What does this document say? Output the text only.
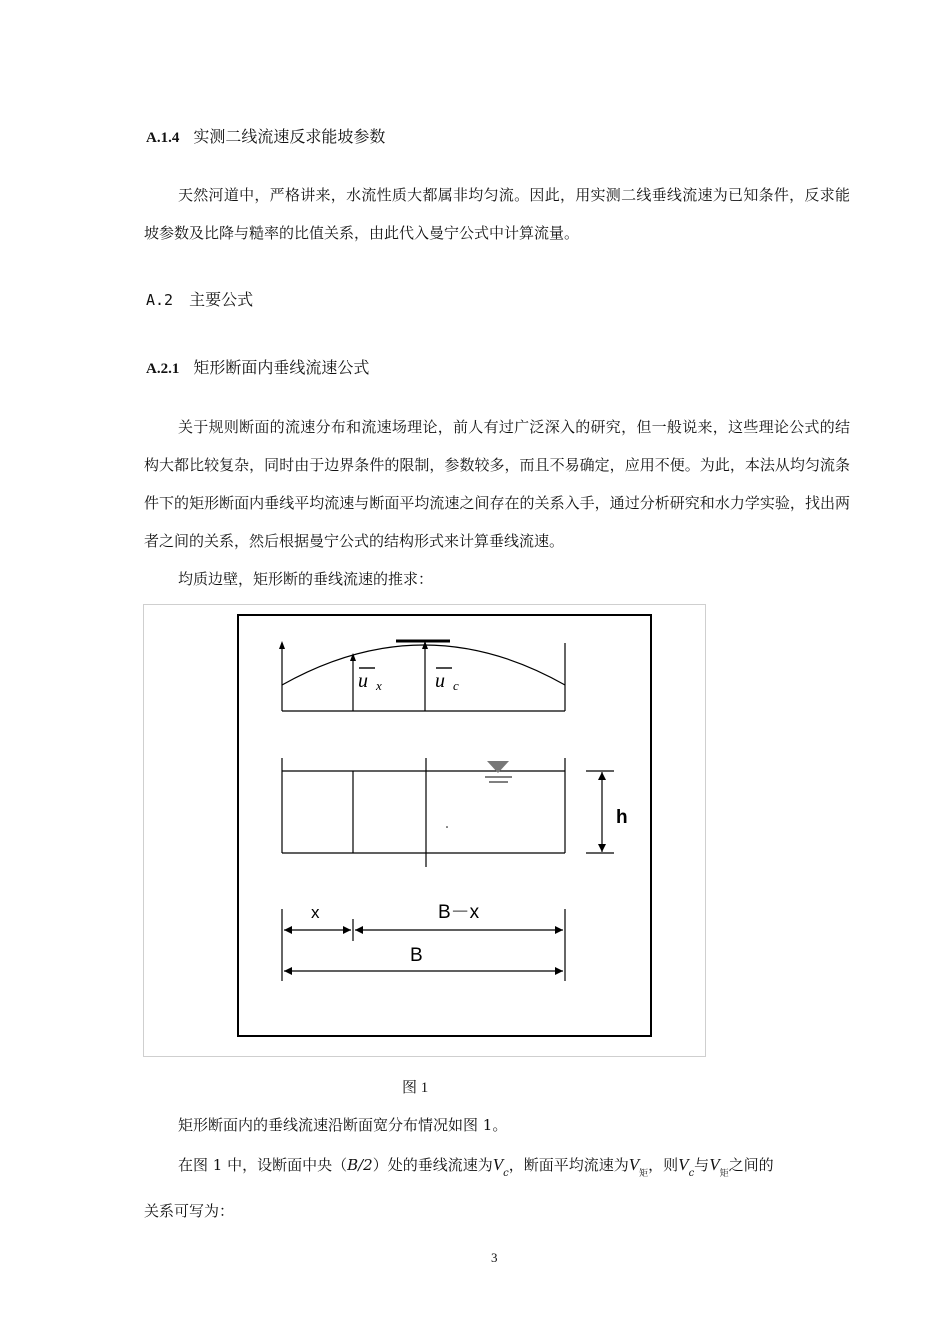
A.1.4 实测二线流速反求能坡参数
天然河道中，严格讲来，水流性质大都属非均匀流。因此，用实测二线垂线流速为已知条件，反求能坡参数及比降与糙率的比值关系，由此代入曼宁公式中计算流量。
A.2 主要公式
A.2.1 矩形断面内垂线流速公式
关于规则断面的流速分布和流速场理论，前人有过广泛深入的研究，但一般说来，这些理论公式的结构大都比较复杂，同时由于边界条件的限制，参数较多，而且不易确定，应用不便。为此，本法从均匀流条件下的矩形断面内垂线平均流速与断面平均流速之间存在的关系入手，通过分析研究和水力学实验，找出两者之间的关系，然后根据曼宁公式的结构形式来计算垂线流速。
均质边壁，矩形断的垂线流速的推求：
u x	u c
h
x	B－x
B
图 1
矩形断面内的垂线流速沿断面宽分布情况如图 1。
在图 1 中，设断面中央（B/2）处的垂线流速为$V_c$，断面平均流速为$V_矩$，则$V_c$与$V_矩$之间的
关系可写为：
3
